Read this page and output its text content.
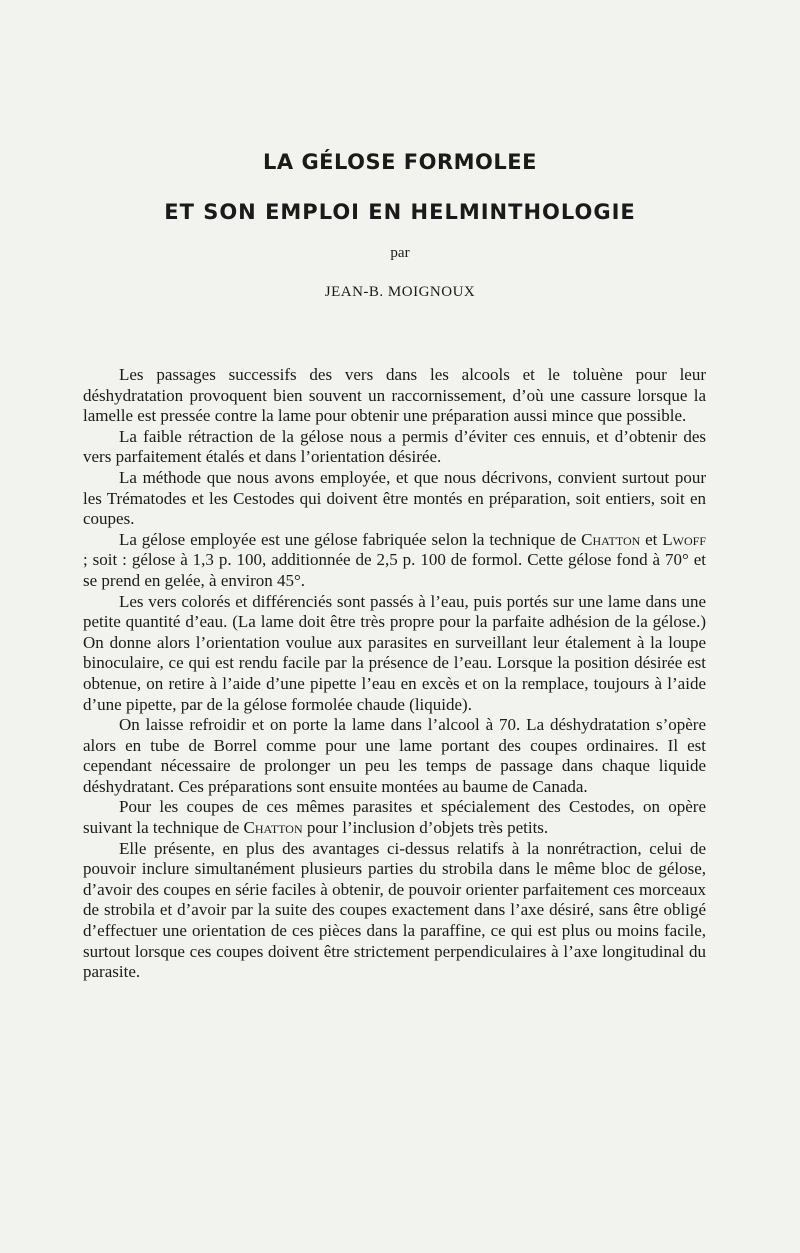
LA GÉLOSE FORMOLEE
ET SON EMPLOI EN HELMINTHOLOGIE
par
JEAN-B. MOIGNOUX

Les passages successifs des vers dans les alcools et le toluène pour leur déshydratation provoquent bien souvent un raccornissement, d’où une cassure lorsque la lamelle est pressée contre la lame pour obtenir une préparation aussi mince que possible.

La faible rétraction de la gélose nous a permis d’éviter ces ennuis, et d’obtenir des vers parfaitement étalés et dans l’orientation désirée.

La méthode que nous avons employée, et que nous décrivons, convient surtout pour les Trématodes et les Cestodes qui doivent être montés en préparation, soit entiers, soit en coupes.

La gélose employée est une gélose fabriquée selon la technique de Chatton et Lwoff ; soit : gélose à 1,3 p. 100, additionnée de 2,5 p. 100 de formol. Cette gélose fond à 70° et se prend en gelée, à environ 45°.

Les vers colorés et différenciés sont passés à l’eau, puis portés sur une lame dans une petite quantité d’eau. (La lame doit être très propre pour la parfaite adhésion de la gélose.) On donne alors l’orientation voulue aux parasites en surveillant leur étalement à la loupe binoculaire, ce qui est rendu facile par la présence de l’eau. Lorsque la position désirée est obtenue, on retire à l’aide d’une pipette l’eau en excès et on la remplace, toujours à l’aide d’une pipette, par de la gélose formolée chaude (liquide).

On laisse refroidir et on porte la lame dans l’alcool à 70. La déshydratation s’opère alors en tube de Borrel comme pour une lame portant des coupes ordinaires. Il est cependant nécessaire de prolonger un peu les temps de passage dans chaque liquide déshydratant. Ces préparations sont ensuite montées au baume de Canada.

Pour les coupes de ces mêmes parasites et spécialement des Cestodes, on opère suivant la technique de Chatton pour l’inclusion d’objets très petits.

Elle présente, en plus des avantages ci-dessus relatifs à la nonrétraction, celui de pouvoir inclure simultanément plusieurs parties du strobila dans le même bloc de gélose, d’avoir des coupes en série faciles à obtenir, de pouvoir orienter parfaitement ces morceaux de strobila et d’avoir par la suite des coupes exactement dans l’axe désiré, sans être obligé d’effectuer une orientation de ces pièces dans la paraffine, ce qui est plus ou moins facile, surtout lorsque ces coupes doivent être strictement perpendiculaires à l’axe longitudinal du parasite.
